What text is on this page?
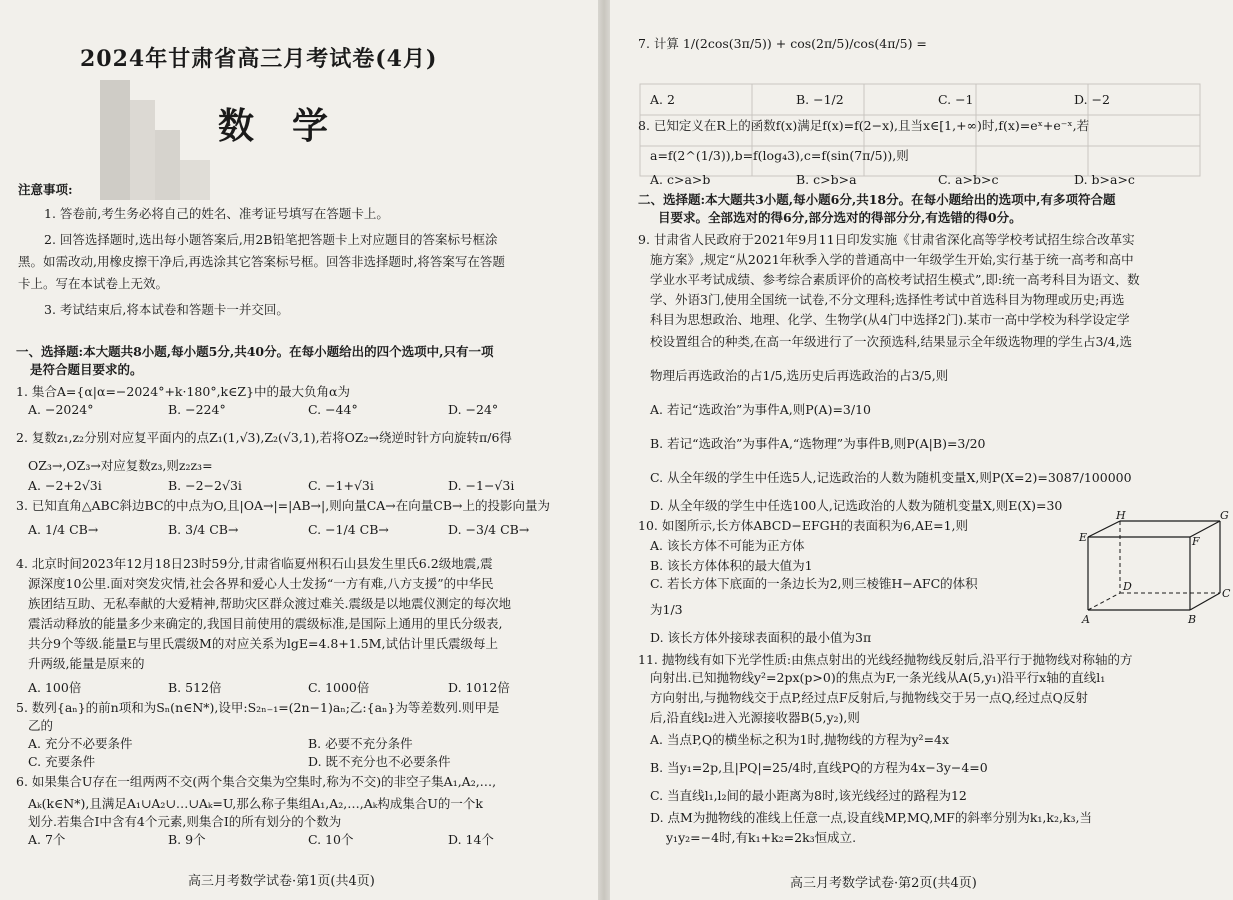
2024年甘肃省高三月考试卷(4月)
数学
注意事项:
1. 答卷前,考生务必将自己的姓名、准考证号填写在答题卡上。
2. 回答选择题时,选出每小题答案后,用2B铅笔把答题卡上对应题目的答案标号框涂
黑。如需改动,用橡皮擦干净后,再选涂其它答案标号框。回答非选择题时,将答案写在答题
卡上。写在本试卷上无效。
3. 考试结束后,将本试卷和答题卡一并交回。
一、选择题:本大题共8小题,每小题5分,共40分。在每小题给出的四个选项中,只有一项
是符合题目要求的。
1. 集合A={α|α=−2024°+k·180°,k∈Z}中的最大负角α为
A. −2024°	B. −224°	C. −44°	D. −24°
2. 复数z₁,z₂分别对应复平面内的点Z₁(1,√3),Z₂(√3,1),若将OZ₂→绕逆时针方向旋转π/6得
OZ₃→,OZ₃→对应复数z₃,则z₂z₃=
A. −2+2√3i	B. −2−2√3i	C. −1+√3i	D. −1−√3i
3. 已知直角△ABC斜边BC的中点为O,且|OA→|=|AB→|,则向量CA→在向量CB→上的投影向量为
A. 1/4 CB→	B. 3/4 CB→	C. −1/4 CB→	D. −3/4 CB→
4. 北京时间2023年12月18日23时59分,甘肃省临夏州积石山县发生里氏6.2级地震,震
源深度10公里.面对突发灾情,社会各界和爱心人士发扬“一方有难,八方支援”的中华民
族团结互助、无私奉献的大爱精神,帮助灾区群众渡过难关.震级是以地震仪测定的每次地
震活动释放的能量多少来确定的,我国目前使用的震级标准,是国际上通用的里氏分级表,
共分9个等级.能量E与里氏震级M的对应关系为lgE=4.8+1.5M,试估计里氏震级每上
升两级,能量是原来的
A. 100倍	B. 512倍	C. 1000倍	D. 1012倍
5. 数列{aₙ}的前n项和为Sₙ(n∈N*),设甲:S₂ₙ₋₁=(2n−1)aₙ;乙:{aₙ}为等差数列.则甲是
乙的
A. 充分不必要条件	B. 必要不充分条件
C. 充要条件	D. 既不充分也不必要条件
6. 如果集合U存在一组两两不交(两个集合交集为空集时,称为不交)的非空子集A₁,A₂,…,
Aₖ(k∈N*),且满足A₁∪A₂∪…∪Aₖ=U,那么称子集组A₁,A₂,…,Aₖ构成集合U的一个k
划分.若集合I中含有4个元素,则集合I的所有划分的个数为
A. 7个	B. 9个	C. 10个	D. 14个
高三月考数学试卷·第1页(共4页)
7. 计算 1/(2cos(3π/5)) + cos(2π/5)/cos(4π/5) =
A. 2	B. −1/2	C. −1	D. −2
8. 已知定义在R上的函数f(x)满足f(x)=f(2−x),且当x∈[1,+∞)时,f(x)=eˣ+e⁻ˣ,若
a=f(2^(1/3)),b=f(log₄3),c=f(sin(7π/5)),则
A. c>a>b	B. c>b>a	C. a>b>c	D. b>a>c
二、选择题:本大题共3小题,每小题6分,共18分。在每小题给出的选项中,有多项符合题
目要求。全部选对的得6分,部分选对的得部分分,有选错的得0分。
9. 甘肃省人民政府于2021年9月11日印发实施《甘肃省深化高等学校考试招生综合改革实
施方案》,规定“从2021年秋季入学的普通高中一年级学生开始,实行基于统一高考和高中
学业水平考试成绩、参考综合素质评价的高校考试招生模式”,即:统一高考科目为语文、数
学、外语3门,使用全国统一试卷,不分文理科;选择性考试中首选科目为物理或历史;再选
科目为思想政治、地理、化学、生物学(从4门中选择2门).某市一高中学校为科学设定学
校设置组合的种类,在高一年级进行了一次预选科,结果显示全年级选物理的学生占3/4,选
物理后再选政治的占1/5,选历史后再选政治的占3/5,则
A. 若记“选政治”为事件A,则P(A)=3/10
B. 若记“选政治”为事件A,“选物理”为事件B,则P(A|B)=3/20
C. 从全年级的学生中任选5人,记选政治的人数为随机变量X,则P(X=2)=3087/100000
D. 从全年级的学生中任选100人,记选政治的人数为随机变量X,则E(X)=30
10. 如图所示,长方体ABCD−EFGH的表面积为6,AE=1,则
A. 该长方体不可能为正方体
B. 该长方体体积的最大值为1
C. 若长方体下底面的一条边长为2,则三棱锥H−AFC的体积
为1/3
D. 该长方体外接球表面积的最小值为3π
H	G
E	F
D
C
A	B
11. 抛物线有如下光学性质:由焦点射出的光线经抛物线反射后,沿平行于抛物线对称轴的方
向射出.已知抛物线y²=2px(p>0)的焦点为F,一条光线从A(5,y₁)沿平行x轴的直线l₁
方向射出,与抛物线交于点P,经过点F反射后,与抛物线交于另一点Q,经过点Q反射
后,沿直线l₂进入光源接收器B(5,y₂),则
A. 当点P,Q的横坐标之积为1时,抛物线的方程为y²=4x
B. 当y₁=2p,且|PQ|=25/4时,直线PQ的方程为4x−3y−4=0
C. 当直线l₁,l₂间的最小距离为8时,该光线经过的路程为12
D. 点M为抛物线的准线上任意一点,设直线MP,MQ,MF的斜率分别为k₁,k₂,k₃,当
y₁y₂=−4时,有k₁+k₂=2k₃恒成立.
高三月考数学试卷·第2页(共4页)
